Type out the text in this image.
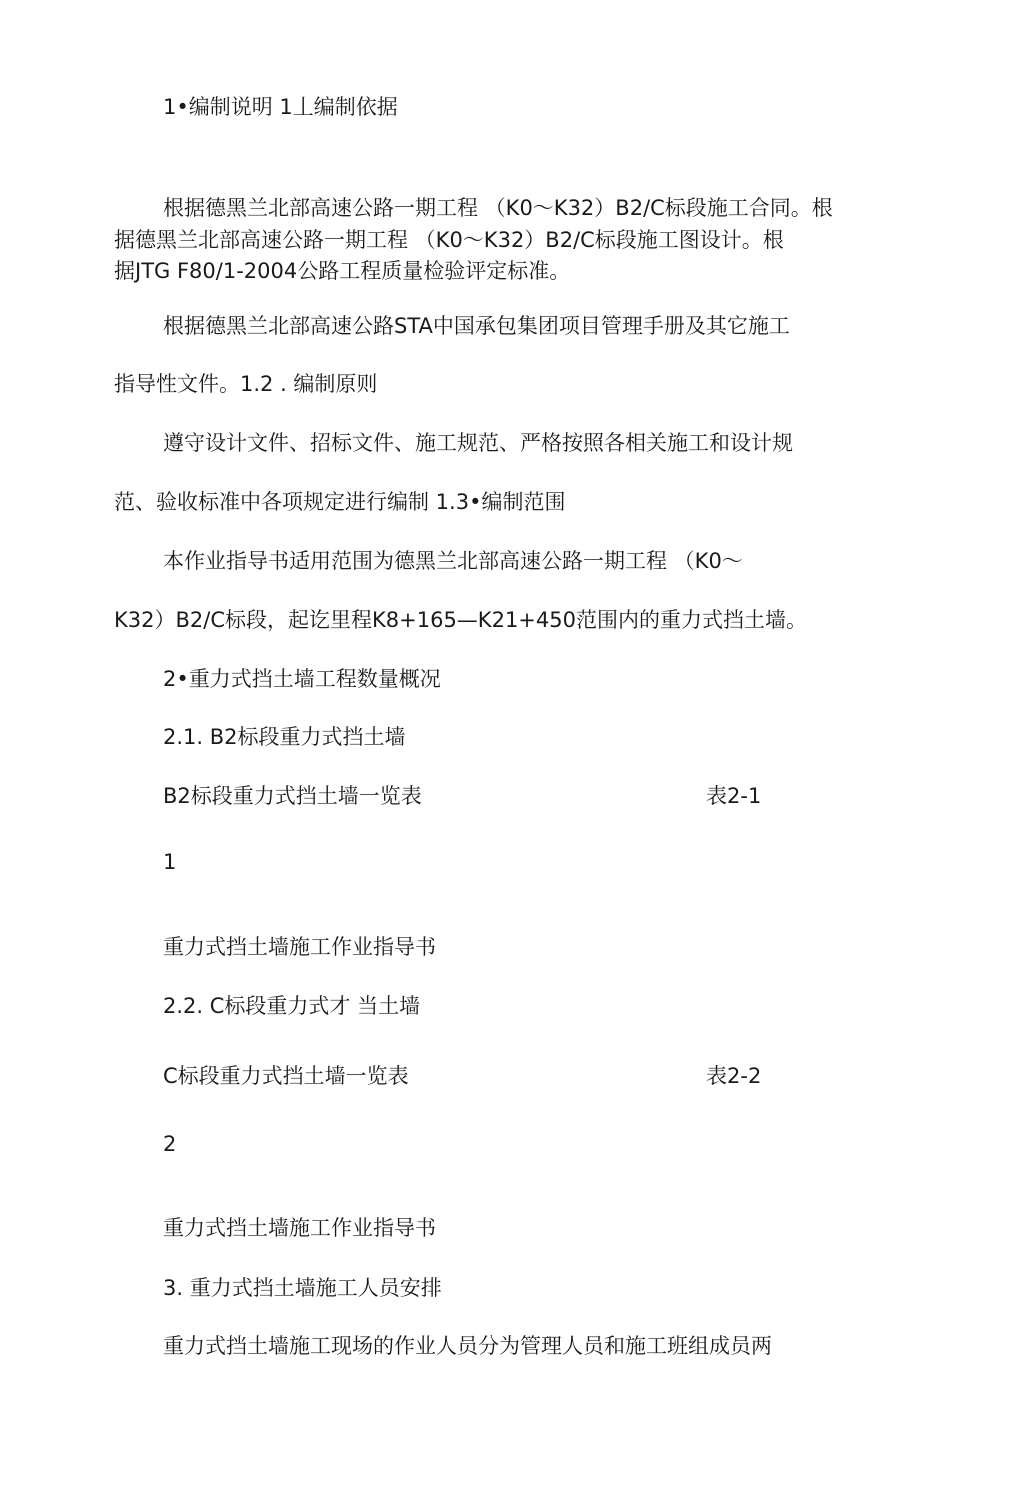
1•编制说明 1丄编制依据

根据德黑兰北部高速公路一期工程 （K0〜K32）B2/C标段施工合同。根

据德黑兰北部高速公路一期工程 （K0〜K32）B2/C标段施工图设计。根

据JTG F80/1-2004公路工程质量检验评定标准。

根据德黑兰北部高速公路STA中国承包集团项目管理手册及其它施工

指导性文件。1.2 . 编制原则

遵守设计文件、招标文件、施工规范、严格按照各相关施工和设计规

范、验收标准中各项规定进行编制 1.3•编制范围

本作业指导书适用范围为德黑兰北部高速公路一期工程 （K0〜

K32）B2/C标段，起讫里程K8+165—K21+450范围内的重力式挡土墙。

2•重力式挡土墙工程数量概况

2.1. B2标段重力式挡土墙

B2标段重力式挡土墙一览表	表2-1

1

重力式挡土墙施工作业指导书

2.2. C标段重力式才 当土墙

C标段重力式挡土墙一览表	表2-2

2

重力式挡土墙施工作业指导书

3. 重力式挡土墙施工人员安排

重力式挡土墙施工现场的作业人员分为管理人员和施工班组成员两
